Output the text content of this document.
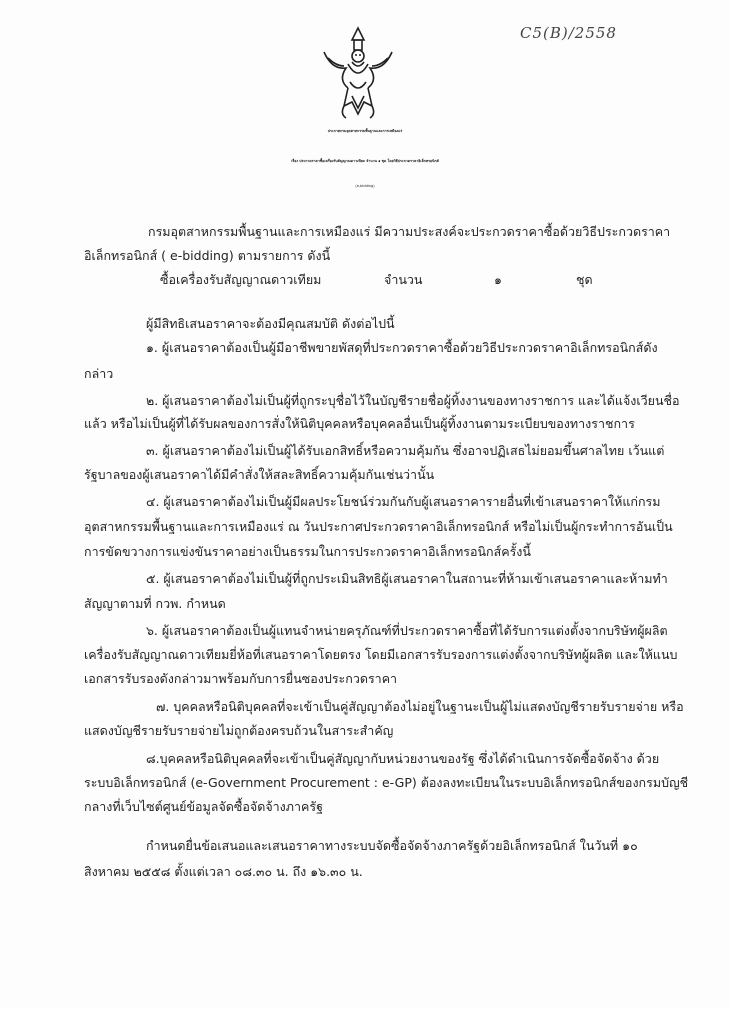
C5(B)/2558
ประกาศกรมอุตสาหกรรมพื้นฐานและการเหมืองแร่
เรื่อง ประกวดราคาซื้อเครื่องรับสัญญาณดาวเทียม จำนวน ๑ ชุด โดยวิธีประกวดราคาอิเล็กทรอนิกส์
(e-bidding)
กรมอุตสาหกรรมพื้นฐานและการเหมืองแร่ มีความประสงค์จะประกวดราคาซื้อด้วยวิธีประกวดราคา
อิเล็กทรอนิกส์ ( e-bidding) ตามรายการ ดังนี้
ซื้อเครื่องรับสัญญาณดาวเทียม	จำนวน	๑	ชุด
ผู้มีสิทธิเสนอราคาจะต้องมีคุณสมบัติ ดังต่อไปนี้
๑. ผู้เสนอราคาต้องเป็นผู้มีอาชีพขายพัสดุที่ประกวดราคาซื้อด้วยวิธีประกวดราคาอิเล็กทรอนิกส์ดัง
กล่าว
๒. ผู้เสนอราคาต้องไม่เป็นผู้ที่ถูกระบุชื่อไว้ในบัญชีรายชื่อผู้ทิ้งงานของทางราชการ และได้แจ้งเวียนชื่อ
แล้ว หรือไม่เป็นผู้ที่ได้รับผลของการสั่งให้นิติบุคคลหรือบุคคลอื่นเป็นผู้ทิ้งงานตามระเบียบของทางราชการ
๓. ผู้เสนอราคาต้องไม่เป็นผู้ได้รับเอกสิทธิ์หรือความคุ้มกัน ซึ่งอาจปฏิเสธไม่ยอมขึ้นศาลไทย เว้นแต่
รัฐบาลของผู้เสนอราคาได้มีคำสั่งให้สละสิทธิ์ความคุ้มกันเช่นว่านั้น
๔. ผู้เสนอราคาต้องไม่เป็นผู้มีผลประโยชน์ร่วมกันกับผู้เสนอราคารายอื่นที่เข้าเสนอราคาให้แก่กรม
อุตสาหกรรมพื้นฐานและการเหมืองแร่ ณ วันประกาศประกวดราคาอิเล็กทรอนิกส์ หรือไม่เป็นผู้กระทำการอันเป็น
การขัดขวางการแข่งขันราคาอย่างเป็นธรรมในการประกวดราคาอิเล็กทรอนิกส์ครั้งนี้
๕. ผู้เสนอราคาต้องไม่เป็นผู้ที่ถูกประเมินสิทธิผู้เสนอราคาในสถานะที่ห้ามเข้าเสนอราคาและห้ามทำ
สัญญาตามที่ กวพ. กำหนด
๖. ผู้เสนอราคาต้องเป็นผู้แทนจำหน่ายครุภัณฑ์ที่ประกวดราคาซื้อที่ได้รับการแต่งตั้งจากบริษัทผู้ผลิต
เครื่องรับสัญญาณดาวเทียมยี่ห้อที่เสนอราคาโดยตรง โดยมีเอกสารรับรองการแต่งตั้งจากบริษัทผู้ผลิต และให้แนบ
เอกสารรับรองดังกล่าวมาพร้อมกับการยื่นซองประกวดราคา
๗. บุคคลหรือนิติบุคคลที่จะเข้าเป็นคู่สัญญาต้องไม่อยู่ในฐานะเป็นผู้ไม่แสดงบัญชีรายรับรายจ่าย หรือ
แสดงบัญชีรายรับรายจ่ายไม่ถูกต้องครบถ้วนในสาระสำคัญ
๘.บุคคลหรือนิติบุคคลที่จะเข้าเป็นคู่สัญญากับหน่วยงานของรัฐ ซึ่งได้ดำเนินการจัดซื้อจัดจ้าง ด้วย
ระบบอิเล็กทรอนิกส์ (e-Government Procurement : e-GP) ต้องลงทะเบียนในระบบอิเล็กทรอนิกส์ของกรมบัญชี
กลางที่เว็บไซต์ศูนย์ข้อมูลจัดซื้อจัดจ้างภาครัฐ
กำหนดยื่นข้อเสนอและเสนอราคาทางระบบจัดซื้อจัดจ้างภาครัฐด้วยอิเล็กทรอนิกส์ ในวันที่ ๑๐
สิงหาคม ๒๕๕๘ ตั้งแต่เวลา ๐๘.๓๐ น. ถึง ๑๖.๓๐ น.
